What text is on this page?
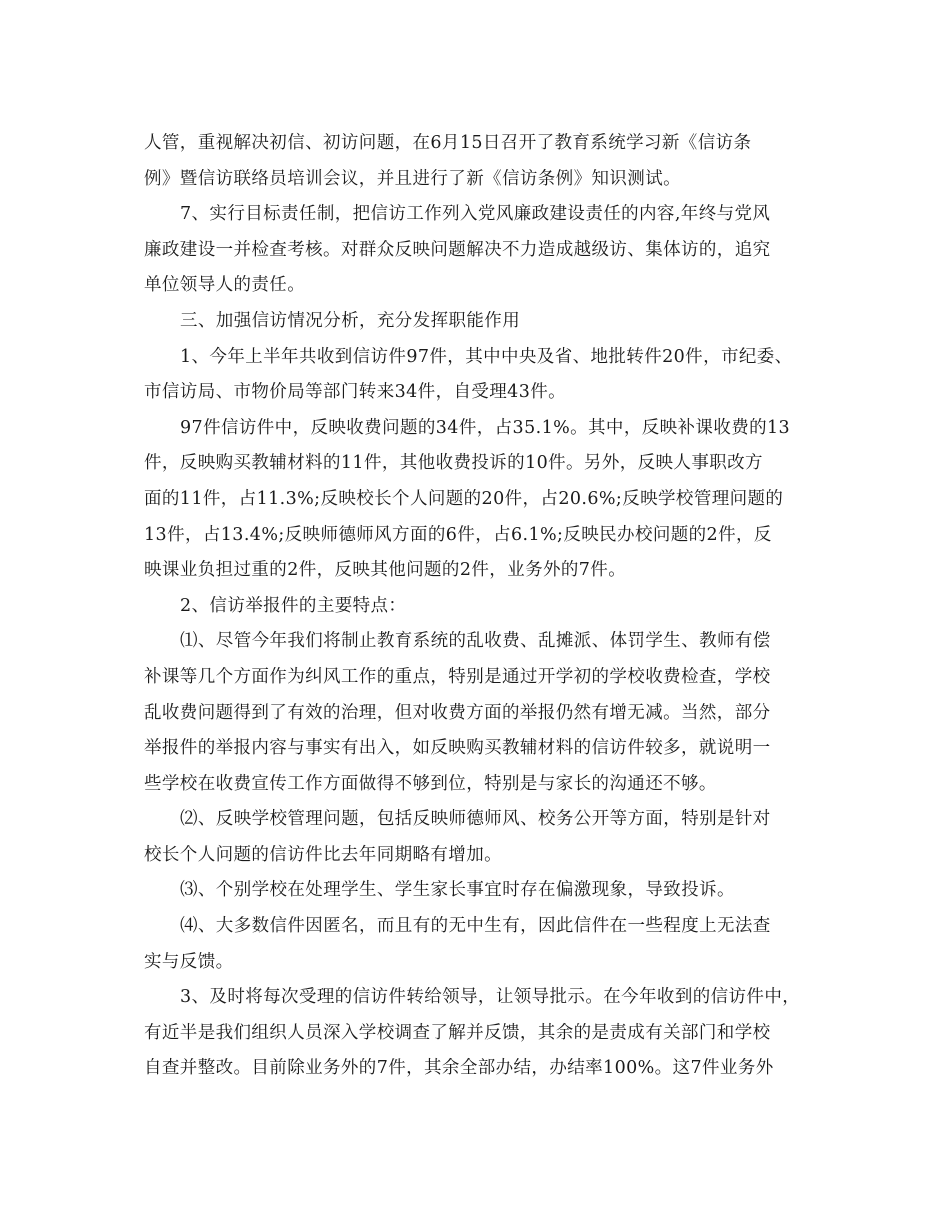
人管，重视解决初信、初访问题，在6月15日召开了教育系统学习新《信访条
例》暨信访联络员培训会议，并且进行了新《信访条例》知识测试。
7、实行目标责任制，把信访工作列入党风廉政建设责任的内容,年终与党风
廉政建设一并检查考核。对群众反映问题解决不力造成越级访、集体访的，追究
单位领导人的责任。
三、加强信访情况分析，充分发挥职能作用
1、今年上半年共收到信访件97件，其中中央及省、地批转件20件，市纪委、
市信访局、市物价局等部门转来34件，自受理43件。
97件信访件中，反映收费问题的34件，占35.1%。其中，反映补课收费的13
件，反映购买教辅材料的11件，其他收费投诉的10件。另外，反映人事职改方
面的11件，占11.3%;反映校长个人问题的20件，占20.6%;反映学校管理问题的
13件，占13.4%;反映师德师风方面的6件，占6.1%;反映民办校问题的2件，反
映课业负担过重的2件，反映其他问题的2件，业务外的7件。
2、信访举报件的主要特点：
⑴、尽管今年我们将制止教育系统的乱收费、乱摊派、体罚学生、教师有偿
补课等几个方面作为纠风工作的重点，特别是通过开学初的学校收费检查，学校
乱收费问题得到了有效的治理，但对收费方面的举报仍然有增无减。当然，部分
举报件的举报内容与事实有出入，如反映购买教辅材料的信访件较多，就说明一
些学校在收费宣传工作方面做得不够到位，特别是与家长的沟通还不够。
⑵、反映学校管理问题，包括反映师德师风、校务公开等方面，特别是针对
校长个人问题的信访件比去年同期略有增加。
⑶、个别学校在处理学生、学生家长事宜时存在偏激现象，导致投诉。
⑷、大多数信件因匿名，而且有的无中生有，因此信件在一些程度上无法查
实与反馈。
3、及时将每次受理的信访件转给领导，让领导批示。在今年收到的信访件中，
有近半是我们组织人员深入学校调查了解并反馈，其余的是责成有关部门和学校
自查并整改。目前除业务外的7件，其余全部办结，办结率100%。这7件业务外
